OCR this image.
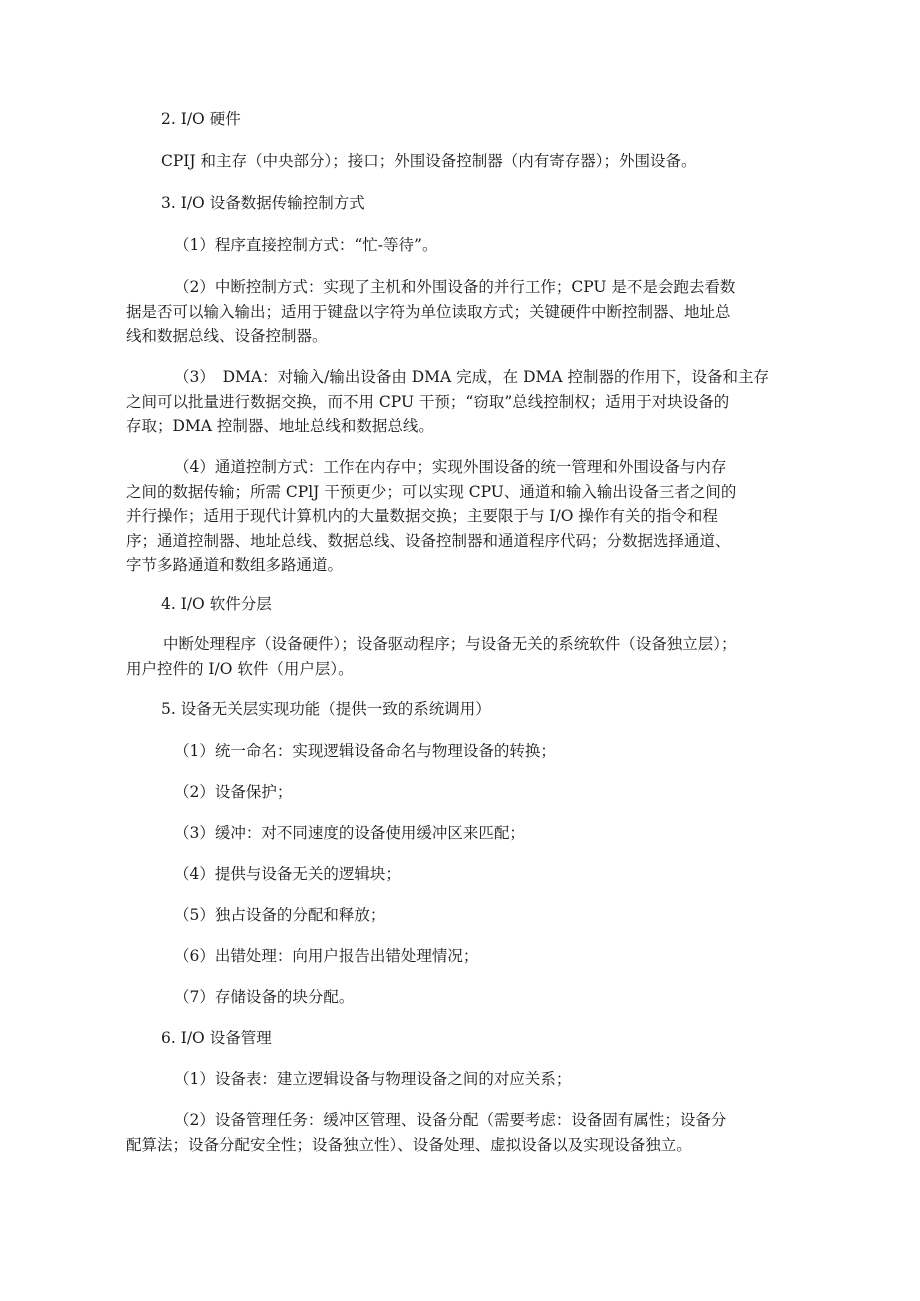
2. I/O 硬件
CPIJ 和主存（中央部分）；接口；外围设备控制器（内有寄存器）；外围设备。
3. I/O 设备数据传输控制方式
（1）程序直接控制方式：“忙-等待”。
（2）中断控制方式：实现了主机和外围设备的并行工作；CPU 是不是会跑去看数
据是否可以输入输出；适用于键盘以字符为单位读取方式；关键硬件中断控制器、地址总
线和数据总线、设备控制器。
（3）　DMA：对输入/输出设备由 DMA 完成，在 DMA 控制器的作用下，设备和主存
之间可以批量进行数据交换，而不用 CPU 干预；“窃取”总线控制权；适用于对块设备的
存取；DMA 控制器、地址总线和数据总线。
（4）通道控制方式：工作在内存中；实现外围设备的统一管理和外围设备与内存
之间的数据传输；所需 CPlJ 干预更少；可以实现 CPU、通道和输入输出设备三者之间的
并行操作；适用于现代计算机内的大量数据交换；主要限于与 I/O 操作有关的指令和程
序；通道控制器、地址总线、数据总线、设备控制器和通道程序代码；分数据选择通道、
字节多路通道和数组多路通道。
4. I/O 软件分层
中断处理程序（设备硬件）；设备驱动程序；与设备无关的系统软件（设备独立层）；
用户控件的 I/O 软件（用户层）。
5. 设备无关层实现功能（提供一致的系统调用）
（1）统一命名：实现逻辑设备命名与物理设备的转换；
（2）设备保护；
（3）缓冲：对不同速度的设备使用缓冲区来匹配；
（4）提供与设备无关的逻辑块；
（5）独占设备的分配和释放；
（6）出错处理：向用户报告出错处理情况；
（7）存储设备的块分配。
6. I/O 设备管理
（1）设备表：建立逻辑设备与物理设备之间的对应关系；
（2）设备管理任务：缓冲区管理、设备分配（需要考虑：设备固有属性；设备分
配算法；设备分配安全性；设备独立性）、设备处理、虚拟设备以及实现设备独立。
